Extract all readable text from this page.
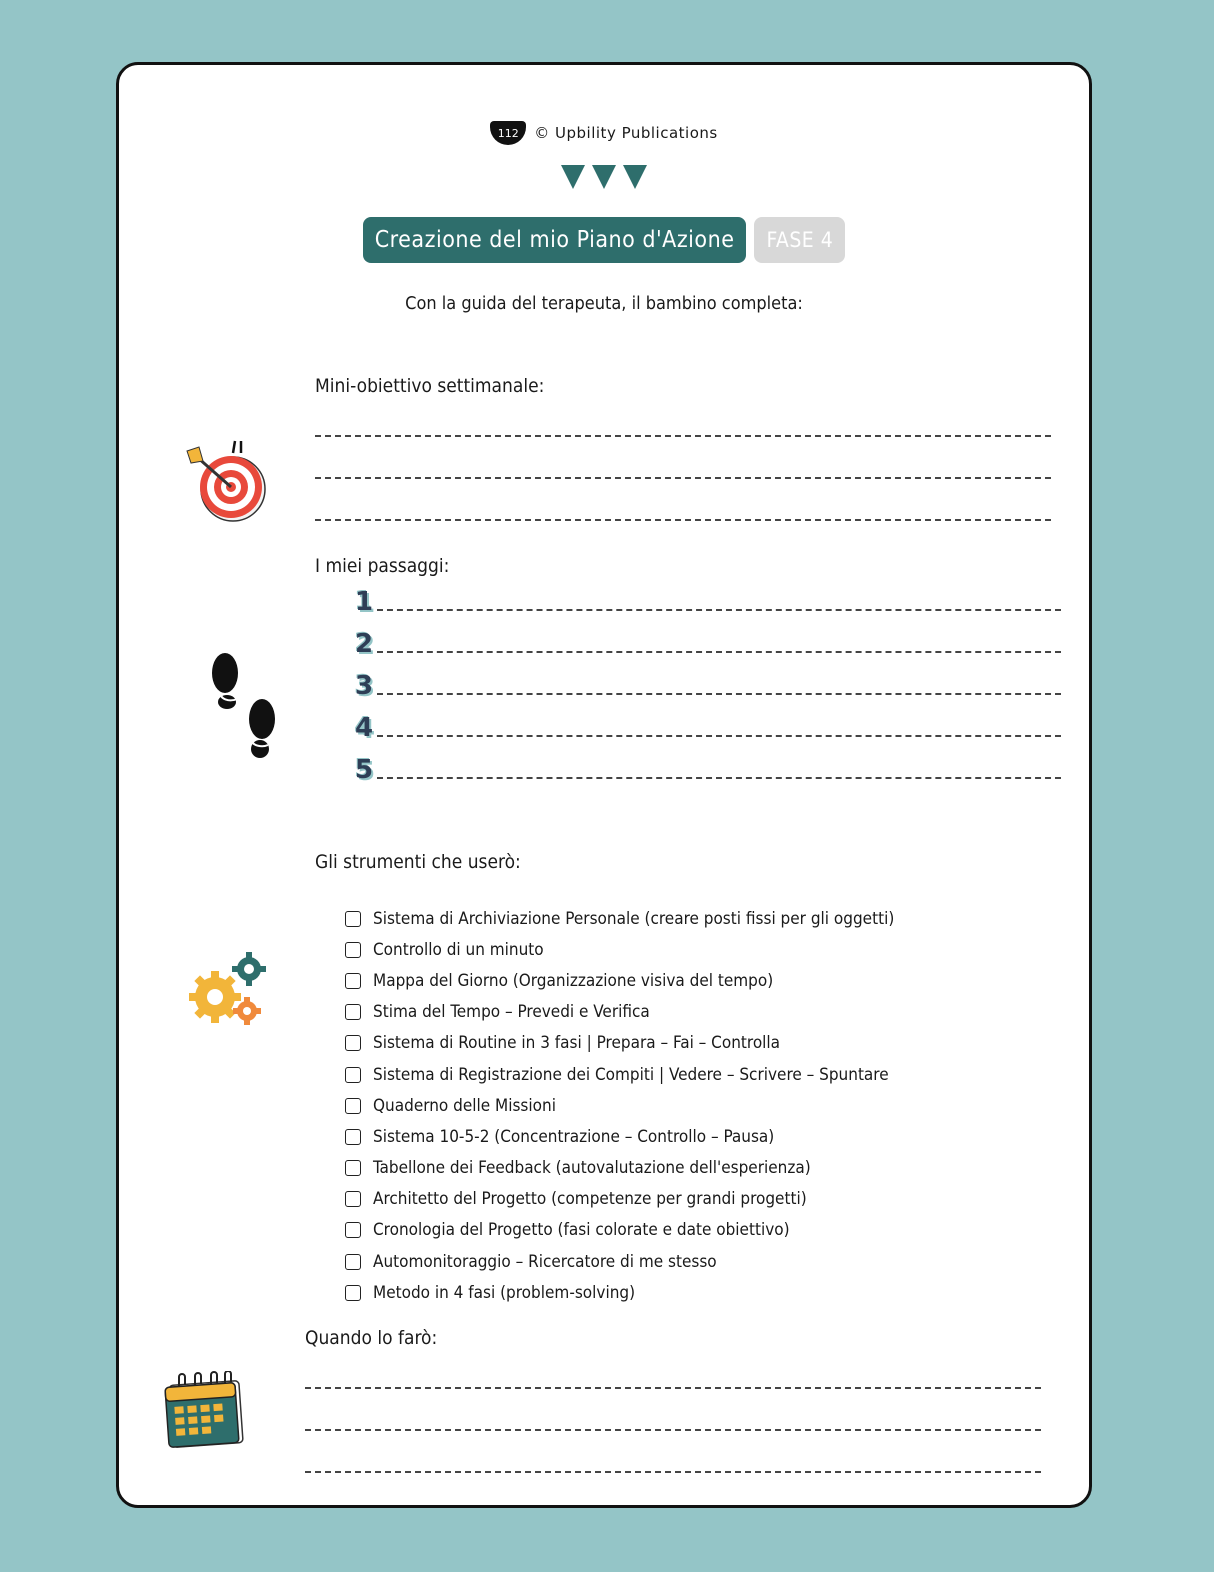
112	© Upbility Publications
Creazione del mio Piano d'Azione	FASE 4
Con la guida del terapeuta, il bambino completa:
Mini-obiettivo settimanale:
I miei passaggi:
1
2
3
4
5
Gli strumenti che userò:
Sistema di Archiviazione Personale (creare posti fissi per gli oggetti)
Controllo di un minuto
Mappa del Giorno (Organizzazione visiva del tempo)
Stima del Tempo – Prevedi e Verifica
Sistema di Routine in 3 fasi | Prepara – Fai – Controlla
Sistema di Registrazione dei Compiti | Vedere – Scrivere – Spuntare
Quaderno delle Missioni
Sistema 10-5-2 (Concentrazione – Controllo – Pausa)
Tabellone dei Feedback (autovalutazione dell'esperienza)
Architetto del Progetto (competenze per grandi progetti)
Cronologia del Progetto (fasi colorate e date obiettivo)
Automonitoraggio – Ricercatore di me stesso
Metodo in 4 fasi (problem-solving)
Quando lo farò:
